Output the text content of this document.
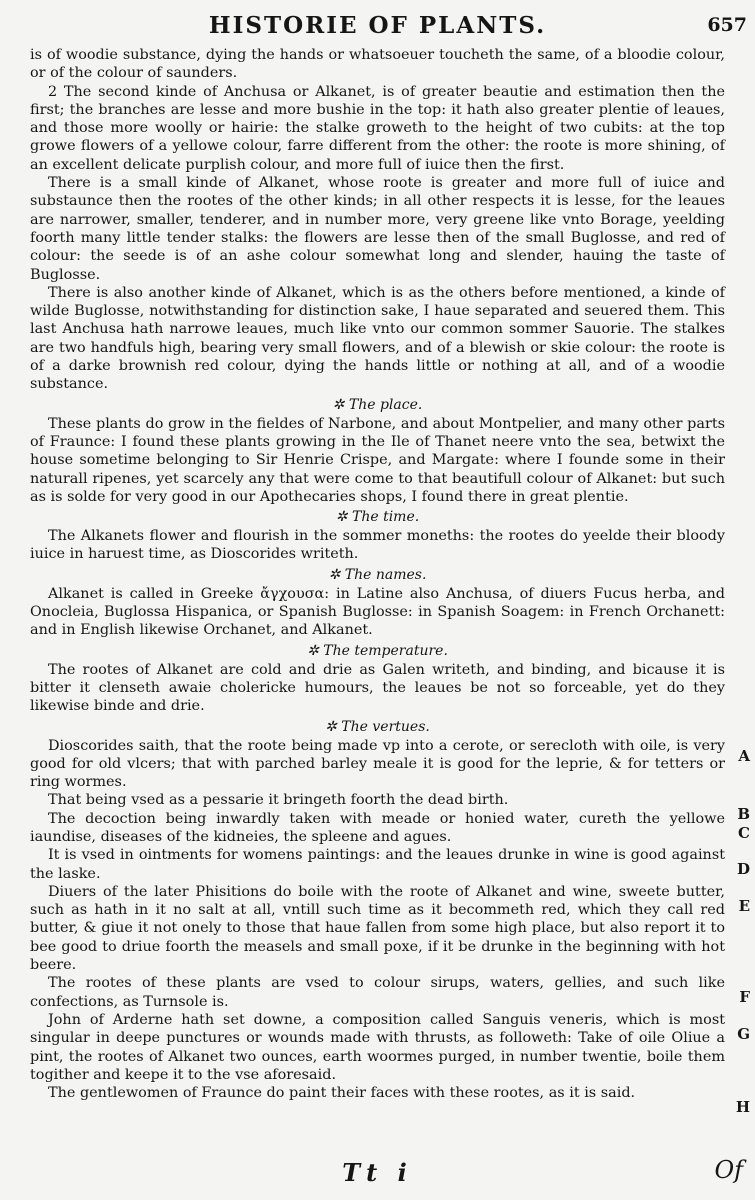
HISTORIE OF PLANTS.	657

is of woodie substance, dying the hands or whatsoeuer toucheth the same, of a bloodie colour, or of the colour of saunders.

2 The second kinde of Anchusa or Alkanet, is of greater beautie and estimation then the first; the branches are lesse and more bushie in the top: it hath also greater plentie of leaues, and those more woolly or hairie: the stalke groweth to the height of two cubits: at the top growe flowers of a yellowe colour, farre different from the other: the roote is more shining, of an excellent delicate purplish colour, and more full of iuice then the first.

There is a small kinde of Alkanet, whose roote is greater and more full of iuice and substaunce then the rootes of the other kinds; in all other respects it is lesse, for the leaues are narrower, smaller, tenderer, and in number more, very greene like vnto Borage, yeelding foorth many little tender stalks: the flowers are lesse then of the small Buglosse, and red of colour: the seede is of an ashe colour somewhat long and slender, hauing the taste of Buglosse.

There is also another kinde of Alkanet, which is as the others before mentioned, a kinde of wilde Buglosse, notwithstanding for distinction sake, I haue separated and seuered them. This last Anchusa hath narrowe leaues, much like vnto our common sommer Sauorie. The stalkes are two handfuls high, bearing very small flowers, and of a blewish or skie colour: the roote is of a darke brownish red colour, dying the hands little or nothing at all, and of a woodie substance.

✲ The place.

These plants do grow in the fieldes of Narbone, and about Montpelier, and many other parts of Fraunce: I found these plants growing in the Ile of Thanet neere vnto the sea, betwixt the house sometime belonging to Sir Henrie Crispe, and Margate: where I founde some in their naturall ripenes, yet scarcely any that were come to that beautifull colour of Alkanet: but such as is solde for very good in our Apothecaries shops, I found there in great plentie.

✲ The time.

The Alkanets flower and flourish in the sommer moneths: the rootes do yeelde their bloody iuice in haruest time, as Dioscorides writeth.

✲ The names.

Alkanet is called in Greeke ἄγχουσα: in Latine also Anchusa, of diuers Fucus herba, and Onocleia, Buglossa Hispanica, or Spanish Buglosse: in Spanish Soagem: in French Orchanett: and in English likewise Orchanet, and Alkanet.

✲ The temperature.

The rootes of Alkanet are cold and drie as Galen writeth, and binding, and bicause it is bitter it clenseth awaie cholericke humours, the leaues be not so forceable, yet do they likewise binde and drie.

✲ The vertues.

Dioscorides saith, that the roote being made vp into a cerote, or serecloth with oile, is very good for old vlcers; that with parched barley meale it is good for the leprie, & for tetters or ring wormes.

A

That being vsed as a pessarie it bringeth foorth the dead birth.

B

The decoction being inwardly taken with meade or honied water, cureth the yellowe iaundise, diseases of the kidneies, the spleene and agues.	C

It is vsed in ointments for womens paintings: and the leaues drunke in wine is good against the laske.	D

Diuers of the later Phisitions do boile with the roote of Alkanet and wine, sweete butter, such as hath in it no salt at all, vntill such time as it becommeth red, which they call red butter, & giue it not onely to those that haue fallen from some high place, but also report it to bee good to driue foorth the measels and small poxe, if it be drunke in the beginning with hot beere.

E

The rootes of these plants are vsed to colour sirups, waters, gellies, and such like confections, as Turnsole is.	F

John of Arderne hath set downe, a composition called Sanguis veneris, which is most singular in deepe punctures or wounds made with thrusts, as followeth: Take of oile Oliue a pint, the rootes of Alkanet two ounces, earth woormes purged, in number twentie, boile them togither and keepe it to the vse aforesaid.

G

The gentlewomen of Fraunce do paint their faces with these rootes, as it is said.

H
Tt i	Of
